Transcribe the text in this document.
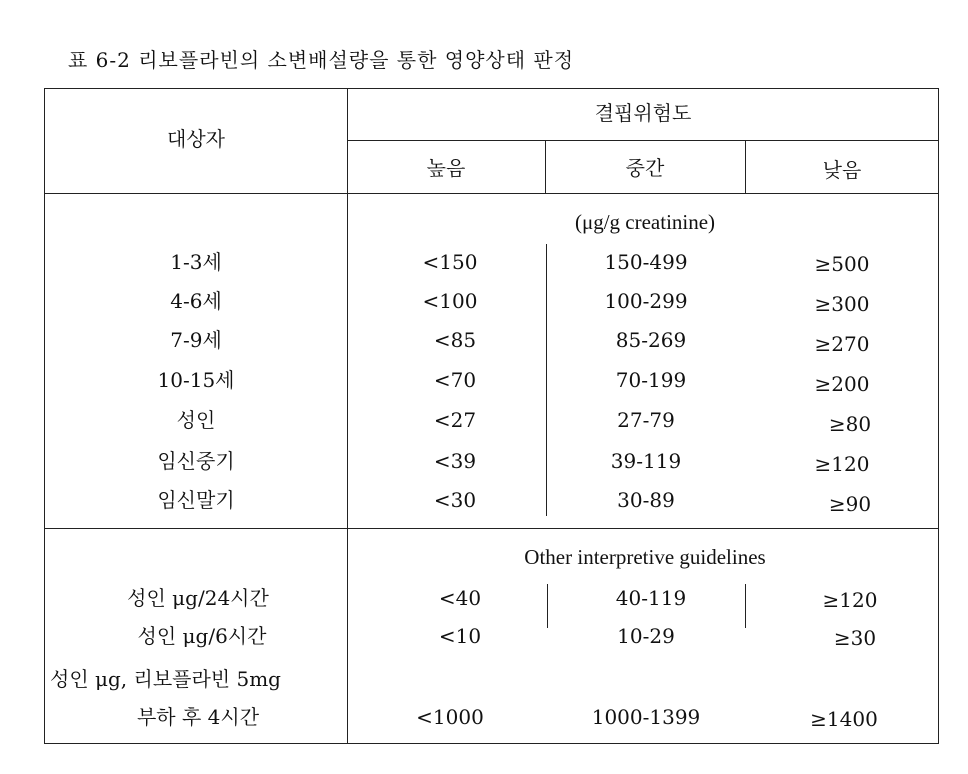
표 6-2 리보플라빈의 소변배설량을 통한 영양상태 판정
대상자
결핍위험도
높음	중간	낮음
(μg/g creatinine)
1-3세	<150	150-499	≥500
4-6세	<100	100-299	≥300
7-9세	<85	85-269	≥270
10-15세	<70	70-199	≥200
성인	<27	27-79	≥80
임신중기	<39	39-119	≥120
임신말기	<30	30-89	≥90
Other interpretive guidelines
성인 μg/24시간	<40	40-119	≥120
성인 μg/6시간	<10	10-29	≥30
성인 μg, 리보플라빈 5mg
부하 후 4시간	<1000	1000-1399	≥1400
